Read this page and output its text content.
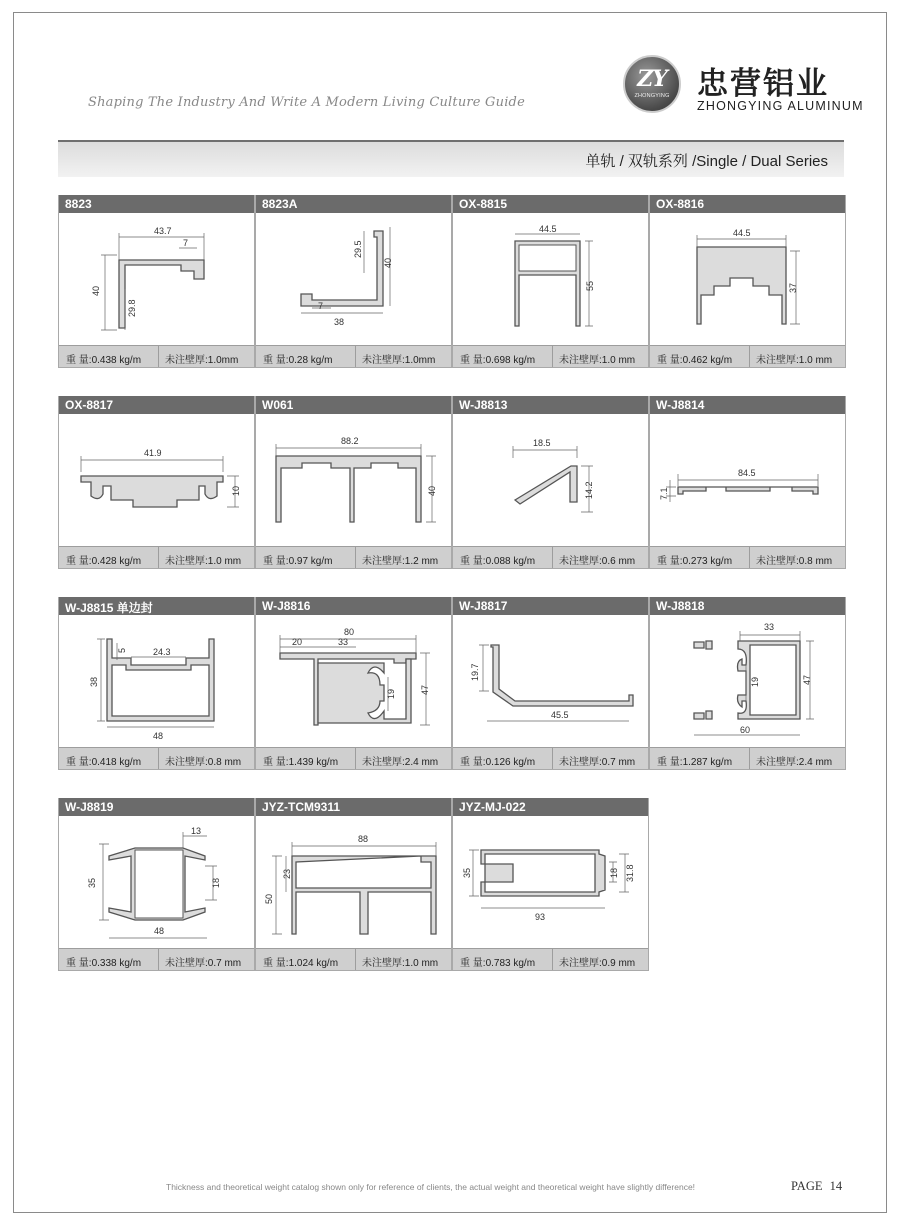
ZY
ZHONGYING 忠营铝业
ZHONGYING ALUMINUM
Shaping The Industry And Write A Modern Living Culture Guide
单轨 / 双轨系列 /Single / Dual Series
8823
43.7
7
40
29.8
重 量:0.438 kg/m 未注壁厚:1.0mm
8823A
29.5
40
7
38
重 量:0.28 kg/m	未注壁厚:1.0mm
OX-8815
44.5
55
重 量:0.698 kg/m 未注壁厚:1.0 mm
OX-8816
44.5
37
重 量:0.462 kg/m 未注壁厚:1.0 mm
OX-8817
41.9
10
重 量:0.428 kg/m 未注壁厚:1.0 mm
W061
88.2
40
重 量:0.97 kg/m	未注壁厚:1.2 mm
W-J8813
18.5
14.2
重 量:0.088 kg/m 未注壁厚:0.6 mm
W-J8814
84.5
7.1
重 量:0.273 kg/m 未注壁厚:0.8 mm
W-J8815 单边封
5	24.3
38
48
重 量:0.418 kg/m 未注壁厚:0.8 mm
W-J8816
80
20	33
19	47
重 量:1.439 kg/m 未注壁厚:2.4 mm
W-J8817
19.7
45.5
重 量:0.126 kg/m 未注壁厚:0.7 mm
W-J8818
33
19	47
60
重 量:1.287 kg/m 未注壁厚:2.4 mm
W-J8819
13
35	18
48
重 量:0.338 kg/m 未注壁厚:0.7 mm
JYZ-TCM9311
88
50
23
重 量:1.024 kg/m 未注壁厚:1.0 mm
JYZ-MJ-022
35	18 31.8
93
重 量:0.783 kg/m 未注壁厚:0.9 mm
Thickness and theoretical weight catalog shown only for reference of clients, the actual weight and theoretical weight have slightly difference!	PAGE 14
